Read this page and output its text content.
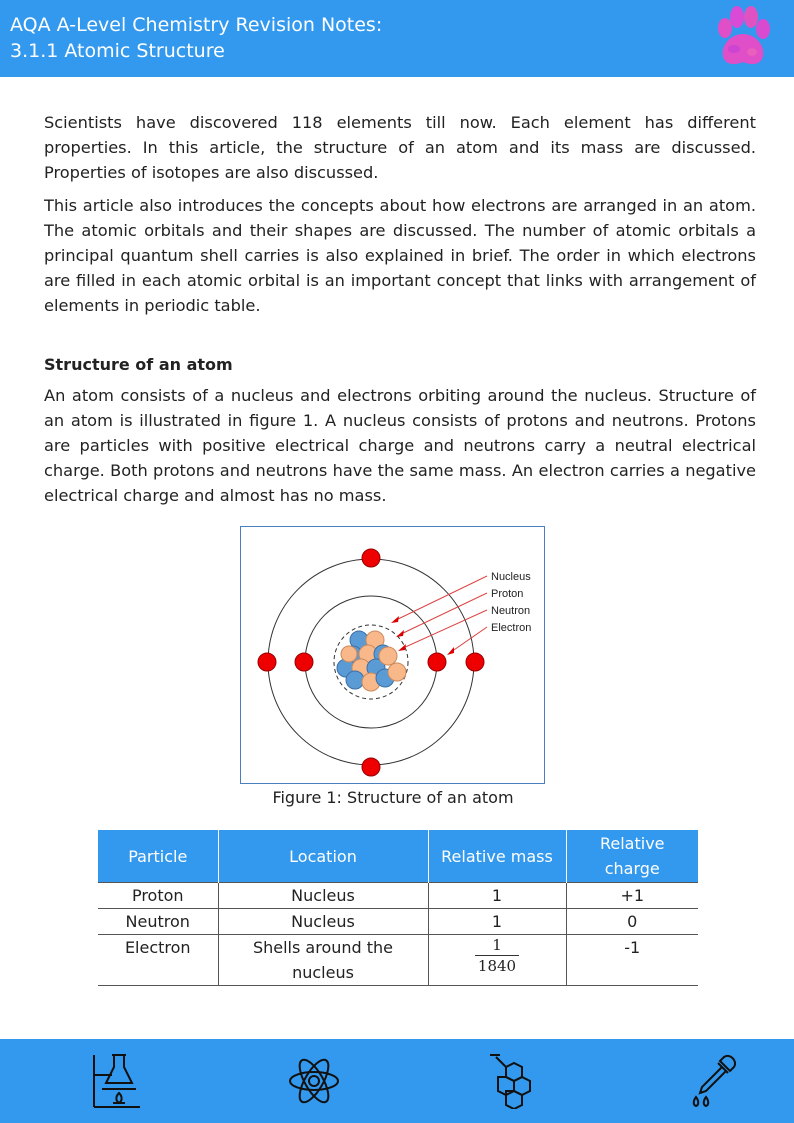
AQA A-Level Chemistry Revision Notes:
3.1.1 Atomic Structure

Scientists have discovered 118 elements till now. Each element has different properties. In this article, the structure of an atom and its mass are discussed. Properties of isotopes are also discussed.

This article also introduces the concepts about how electrons are arranged in an atom. The atomic orbitals and their shapes are discussed. The number of atomic orbitals a principal quantum shell carries is also explained in brief. The order in which electrons are filled in each atomic orbital is an important concept that links with arrangement of elements in periodic table.

Structure of an atom

An atom consists of a nucleus and electrons orbiting around the nucleus. Structure of an atom is illustrated in figure 1. A nucleus consists of protons and neutrons. Protons are particles with positive electrical charge and neutrons carry a neutral electrical charge. Both protons and neutrons have the same mass. An electron carries a negative electrical charge and almost has no mass.

Nucleus
Proton
Neutron
Electron
Figure 1: Structure of an atom
Particle	Location	Relative mass	Relative charge
Proton	Nucleus	1	+1
Neutron	Nucleus	1	0
Electron	Shells around the nucleus	$\frac{1}{1840}$	-1
